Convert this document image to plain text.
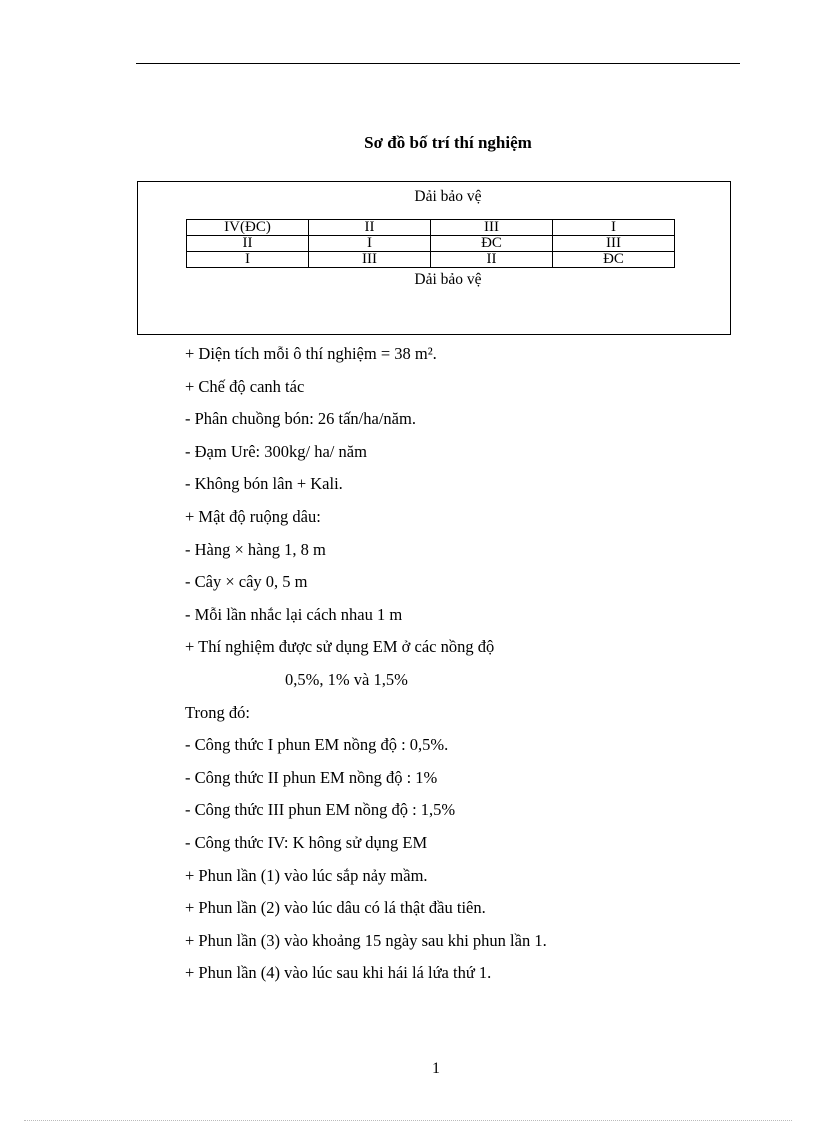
Sơ đồ bố trí thí nghiệm
Dải bảo vệ
IV(ĐC)	II	III	I
II	I	ĐC	III
I	III	II	ĐC
Dải bảo vệ
+ Diện tích mỗi ô thí nghiệm = 38 m².
+ Chế độ canh tác
- Phân chuồng bón: 26 tấn/ha/năm.
- Đạm Urê: 300kg/ ha/ năm
- Không bón lân + Kali.
+ Mật độ ruộng dâu:
- Hàng × hàng 1, 8 m
- Cây × cây 0, 5 m
- Mỗi lần nhắc lại cách nhau 1 m
+ Thí nghiệm được sử dụng EM ở các nồng độ
0,5%, 1% và 1,5%
Trong đó:
- Công thức I phun EM nồng độ : 0,5%.
- Công thức II phun EM nồng độ : 1%
- Công thức III phun EM nồng độ : 1,5%
- Công thức IV: K hông sử dụng EM
+ Phun lần (1) vào lúc sắp nảy mầm.
+ Phun lần (2) vào lúc dâu có lá thật đầu tiên.
+ Phun lần (3) vào khoảng 15 ngày sau khi phun lần 1.
+ Phun lần (4) vào lúc sau khi hái lá lứa thứ 1.
1
